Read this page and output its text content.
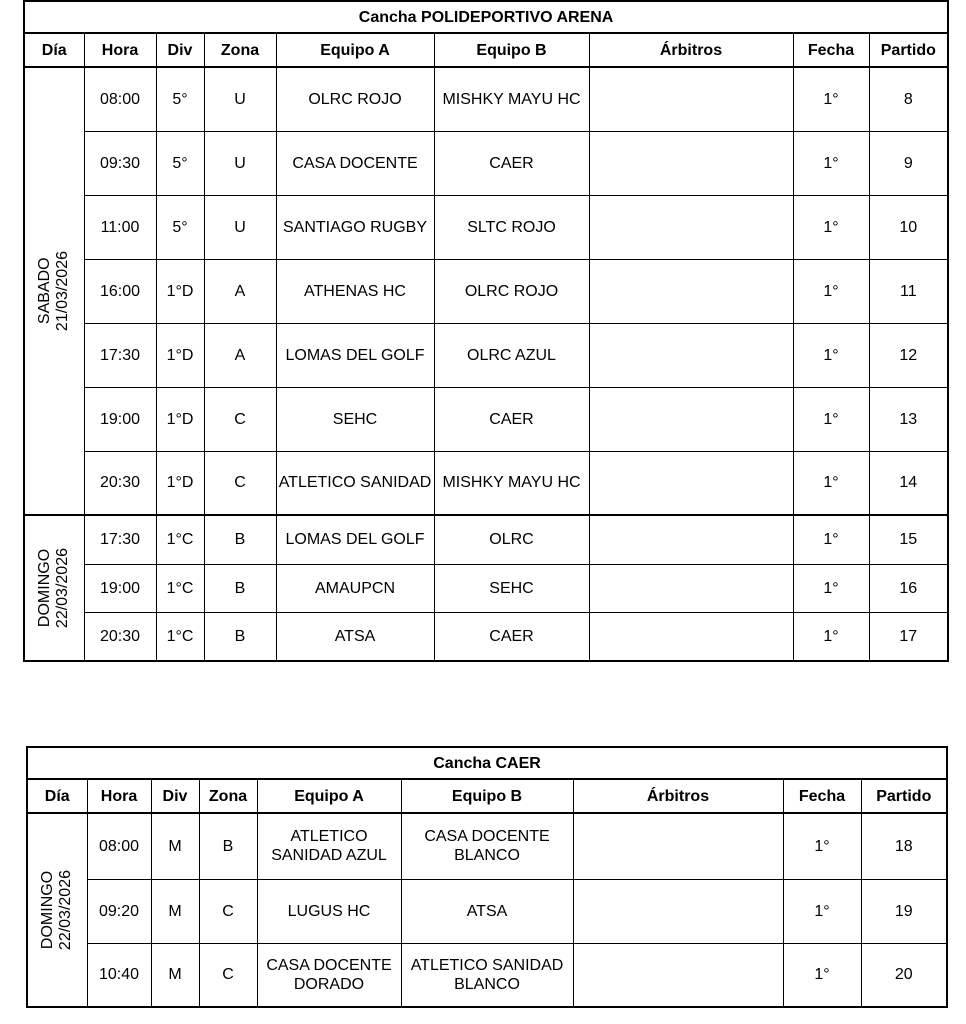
Cancha POLIDEPORTIVO ARENA								
Día	Hora	Div	Zona	Equipo A	Equipo B	Árbitros	Fecha	Partido

SABADO 21/03/2026	08:00	5°	U	OLRC ROJO	MISHKY MAYU HC		1°	8
	09:30	5°	U	CASA DOCENTE	CAER		1°	9
	11:00	5°	U	SANTIAGO RUGBY	SLTC ROJO		1°	10
	16:00	1°D	A	ATHENAS HC	OLRC ROJO		1°	11
	17:30	1°D	A	LOMAS DEL GOLF	OLRC AZUL		1°	12
	19:00	1°D	C	SEHC	CAER		1°	13
	20:30	1°D	C	ATLETICO SANIDAD	MISHKY MAYU HC		1°	14

DOMINGO 22/03/2026	17:30	1°C	B	LOMAS DEL GOLF	OLRC		1°	15
	19:00	1°C	B	AMAUPCN	SEHC		1°	16
	20:30	1°C	B	ATSA	CAER		1°	17
Cancha CAER								
Día	Hora	Div	Zona	Equipo A	Equipo B	Árbitros	Fecha	Partido

DOMINGO 22/03/2026	08:00	M	B	ATLETICO SANIDAD AZUL	CASA DOCENTE BLANCO		1°	18
	09:20	M	C	LUGUS HC	ATSA		1°	19
	10:40	M	C	CASA DOCENTE DORADO	ATLETICO SANIDAD BLANCO		1°	20
